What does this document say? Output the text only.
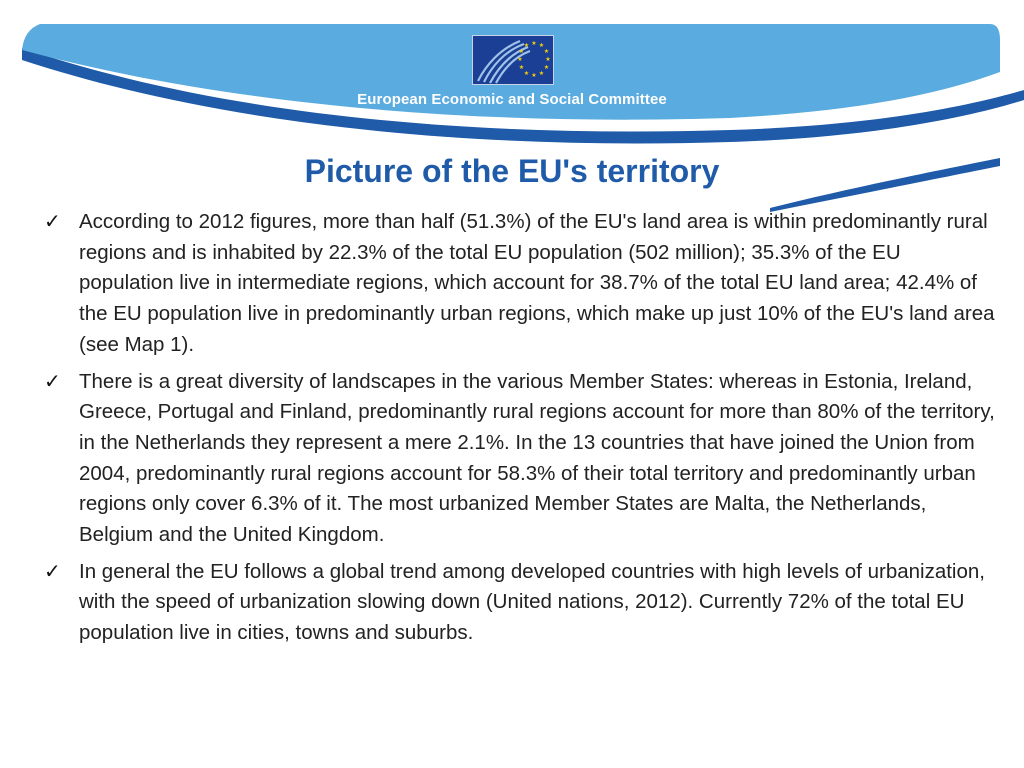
★ ★
★
★
★
★
★
★
★
★
★
★
European Economic and Social Committee
Picture of the EU's territory
✓ According to 2012 figures, more than half (51.3%) of the EU's land area is within predominantly rural regions and is inhabited by 22.3% of the total EU population (502 million); 35.3% of the EU population live in intermediate regions, which account for 38.7% of the total EU land area; 42.4% of the EU population live in predominantly urban regions, which make up just 10% of the EU's land area (see Map 1).
✓ There is a great diversity of landscapes in the various Member States: whereas in Estonia, Ireland, Greece, Portugal and Finland, predominantly rural regions account for more than 80% of the territory, in the Netherlands they represent a mere 2.1%. In the 13 countries that have joined the Union from 2004, predominantly rural regions account for 58.3% of their total territory and predominantly urban regions only cover 6.3% of it. The most urbanized Member States are Malta, the Netherlands, Belgium and the United Kingdom.
✓ In general the EU follows a global trend among developed countries with high levels of urbanization, with the speed of urbanization slowing down (United nations, 2012). Currently 72% of the total EU population live in cities, towns and suburbs.
